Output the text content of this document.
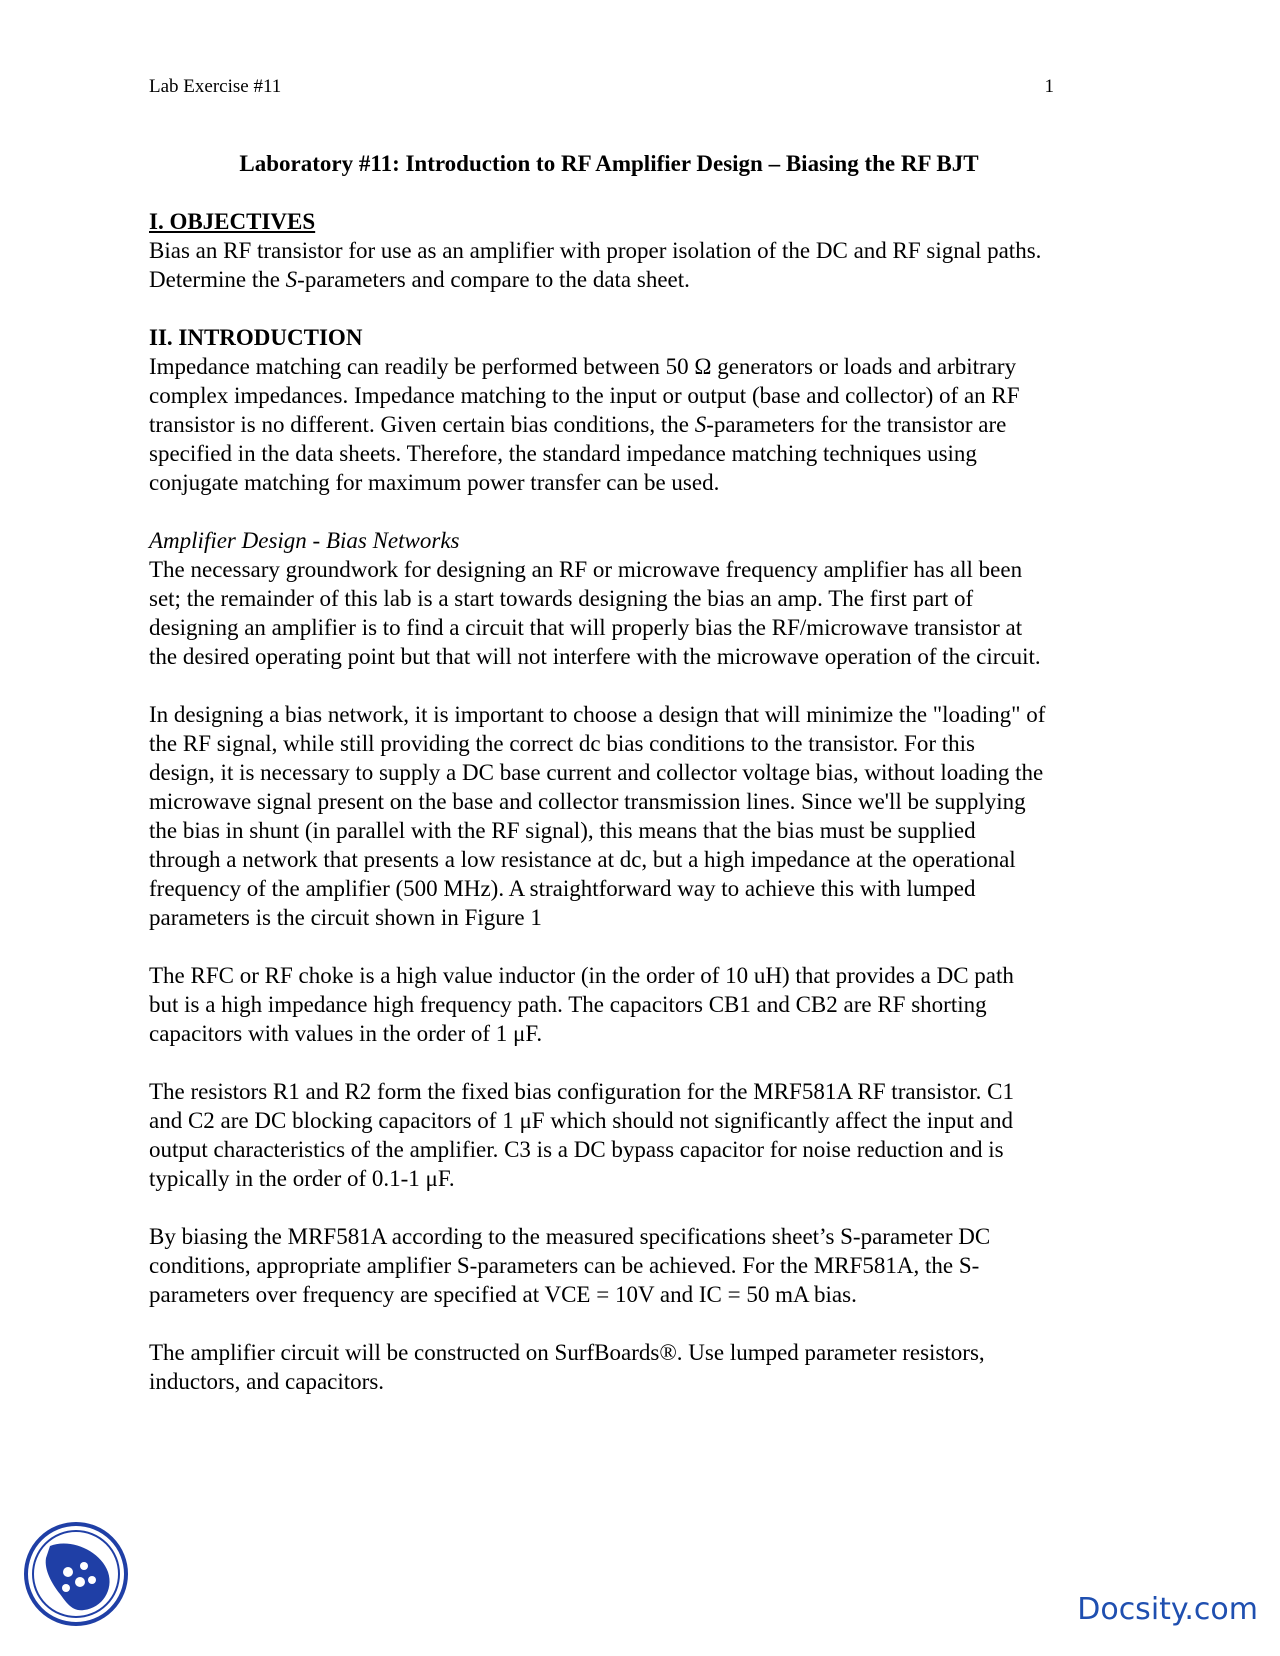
Lab Exercise #11	1
Laboratory #11: Introduction to RF Amplifier Design – Biasing the RF BJT

I. OBJECTIVES

Bias an RF transistor for use as an amplifier with proper isolation of the DC and RF signal paths.
Determine the S-parameters and compare to the data sheet.

II. INTRODUCTION

Impedance matching can readily be performed between 50 Ω generators or loads and arbitrary
complex impedances. Impedance matching to the input or output (base and collector) of an RF
transistor is no different. Given certain bias conditions, the S-parameters for the transistor are
specified in the data sheets. Therefore, the standard impedance matching techniques using
conjugate matching for maximum power transfer can be used.

Amplifier Design - Bias Networks

The necessary groundwork for designing an RF or microwave frequency amplifier has all been
set; the remainder of this lab is a start towards designing the bias an amp. The first part of
designing an amplifier is to find a circuit that will properly bias the RF/microwave transistor at
the desired operating point but that will not interfere with the microwave operation of the circuit.

In designing a bias network, it is important to choose a design that will minimize the "loading" of
the RF signal, while still providing the correct dc bias conditions to the transistor. For this
design, it is necessary to supply a DC base current and collector voltage bias, without loading the
microwave signal present on the base and collector transmission lines. Since we'll be supplying
the bias in shunt (in parallel with the RF signal), this means that the bias must be supplied
through a network that presents a low resistance at dc, but a high impedance at the operational
frequency of the amplifier (500 MHz). A straightforward way to achieve this with lumped
parameters is the circuit shown in Figure 1

The RFC or RF choke is a high value inductor (in the order of 10 uH) that provides a DC path
but is a high impedance high frequency path. The capacitors CB1 and CB2 are RF shorting
capacitors with values in the order of 1 μF.

The resistors R1 and R2 form the fixed bias configuration for the MRF581A RF transistor. C1
and C2 are DC blocking capacitors of 1 μF which should not significantly affect the input and
output characteristics of the amplifier. C3 is a DC bypass capacitor for noise reduction and is
typically in the order of 0.1-1 μF.

By biasing the MRF581A according to the measured specifications sheet’s S-parameter DC
conditions, appropriate amplifier S-parameters can be achieved. For the MRF581A, the S-
parameters over frequency are specified at VCE = 10V and IC = 50 mA bias.

The amplifier circuit will be constructed on SurfBoards®. Use lumped parameter resistors,
inductors, and capacitors.

Docsity.com
